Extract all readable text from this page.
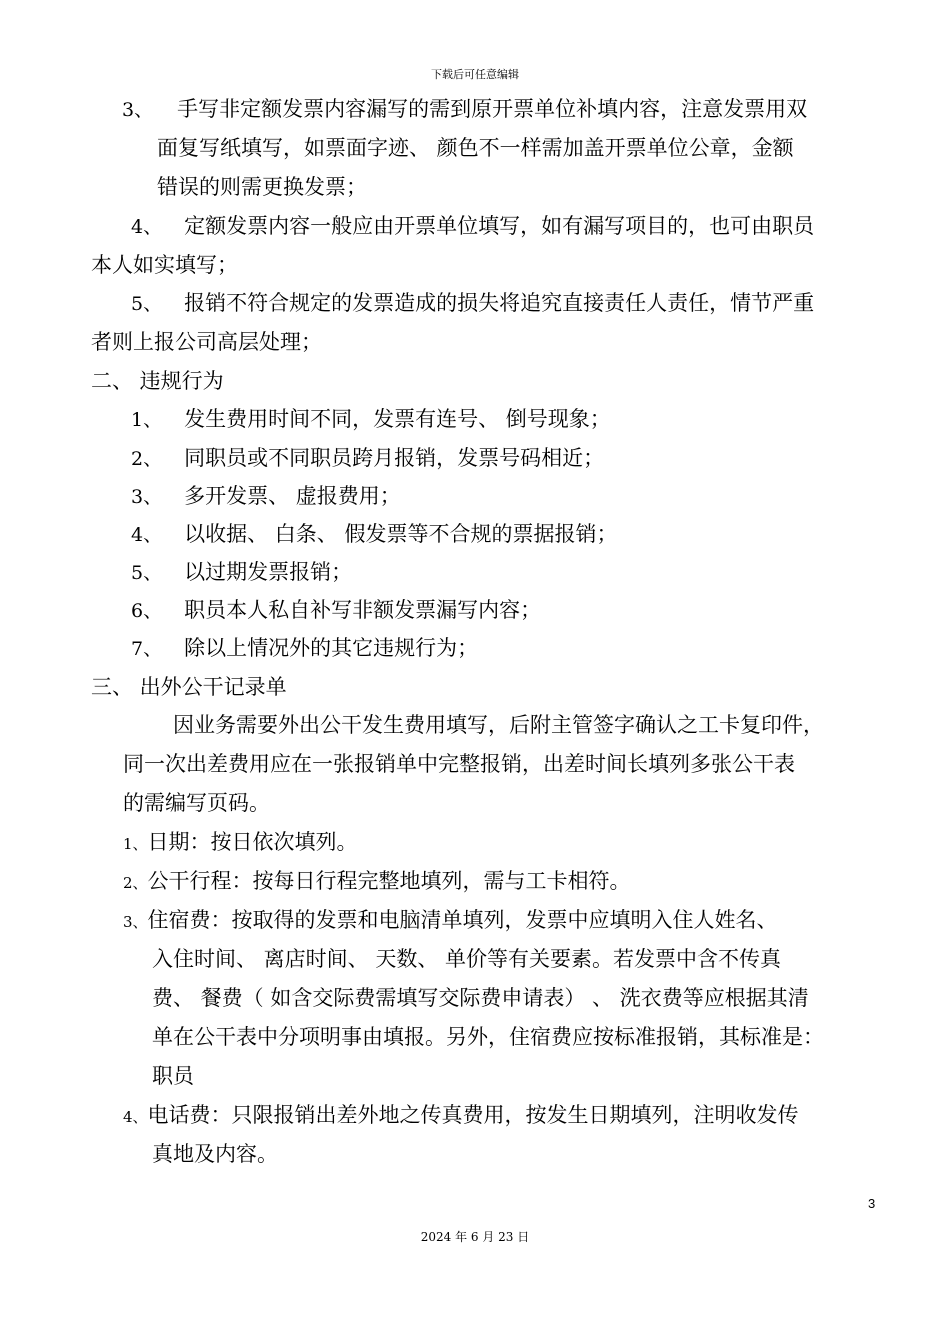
下载后可任意编辑
3、 手写非定额发票内容漏写的需到原开票单位补填内容，注意发票用双
面复写纸填写，如票面字迹、 颜色不一样需加盖开票单位公章，金额
错误的则需更换发票；
4、 定额发票内容一般应由开票单位填写，如有漏写项目的，也可由职员
本人如实填写；
5、 报销不符合规定的发票造成的损失将追究直接责任人责任，情节严重
者则上报公司高层处理；
二、 违规行为
1、 发生费用时间不同，发票有连号、 倒号现象；
2、 同职员或不同职员跨月报销，发票号码相近；
3、 多开发票、 虚报费用；
4、 以收据、 白条、 假发票等不合规的票据报销；
5、 以过期发票报销；
6、 职员本人私自补写非额发票漏写内容；
7、 除以上情况外的其它违规行为；
三、 出外公干记录单
因业务需要外出公干发生费用填写，后附主管签字确认之工卡复印件，
同一次出差费用应在一张报销单中完整报销，出差时间长填列多张公干表
的需编写页码。
1、日期：按日依次填列。
2、公干行程：按每日行程完整地填列，需与工卡相符。
3、住宿费：按取得的发票和电脑清单填列，发票中应填明入住人姓名、
入住时间、 离店时间、 天数、 单价等有关要素。若发票中含不传真
费、 餐费（ 如含交际费需填写交际费申请表） 、 洗衣费等应根据其清
单在公干表中分项明事由填报。另外，住宿费应按标准报销，其标准是：
职员
4、电话费：只限报销出差外地之传真费用，按发生日期填列，注明收发传
真地及内容。
3
2024 年 6 月 23 日
